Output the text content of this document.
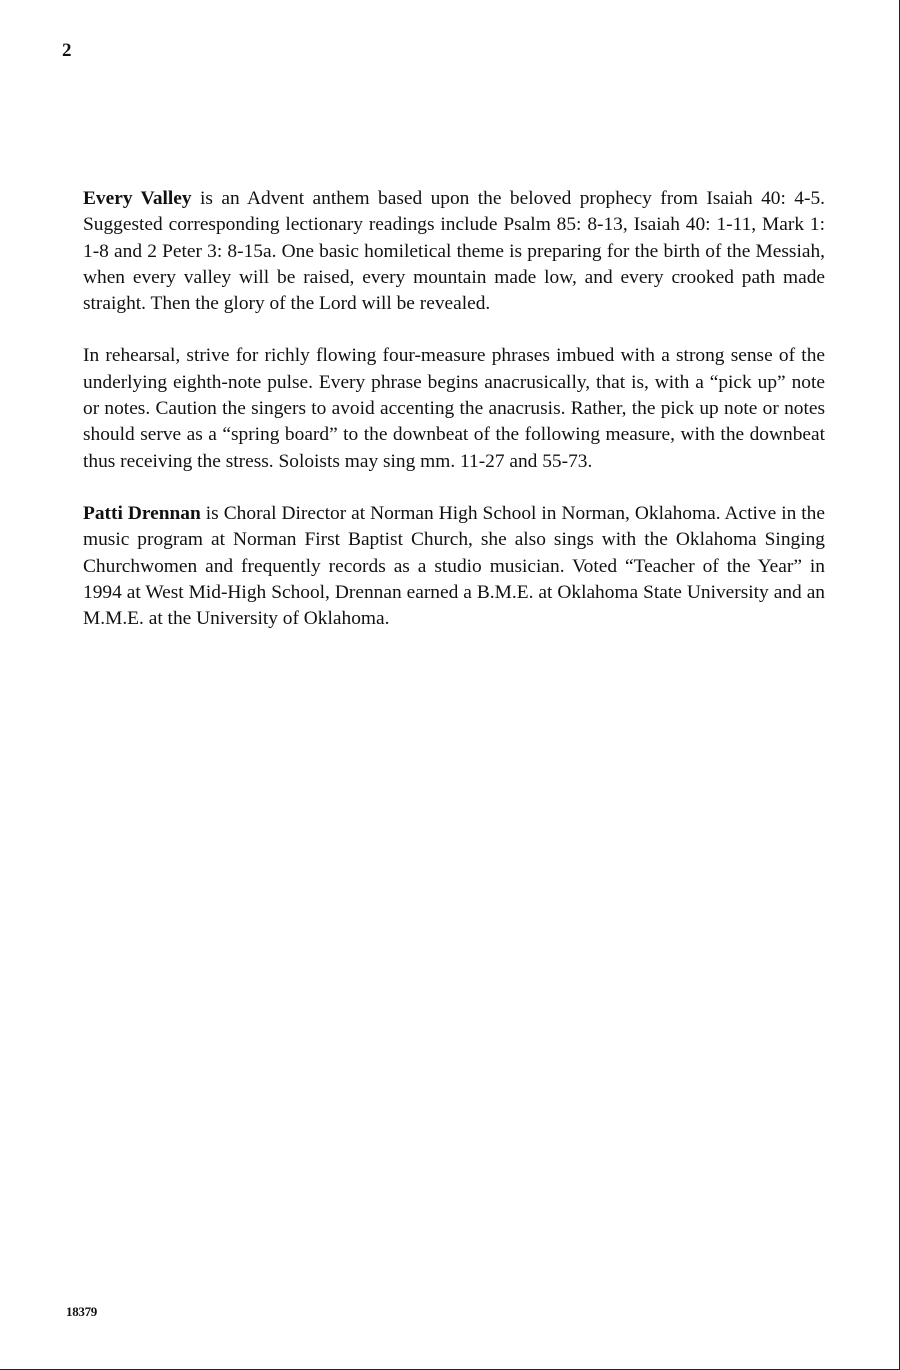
2

Every Valley is an Advent anthem based upon the beloved prophecy from Isaiah 40: 4-5. Suggested corresponding lectionary readings include Psalm 85: 8-13, Isaiah 40: 1-11, Mark 1: 1-8 and 2 Peter 3: 8-15a. One basic homiletical theme is preparing for the birth of the Messiah, when every valley will be raised, every mountain made low, and every crooked path made straight. Then the glory of the Lord will be revealed.

In rehearsal, strive for richly flowing four-measure phrases imbued with a strong sense of the underlying eighth-note pulse. Every phrase begins anacrusically, that is, with a “pick up” note or notes. Caution the singers to avoid accenting the anacrusis. Rather, the pick up note or notes should serve as a “spring board” to the downbeat of the following measure, with the downbeat thus receiving the stress. Soloists may sing mm. 11-27 and 55-73.

Patti Drennan is Choral Director at Norman High School in Norman, Oklahoma. Active in the music program at Norman First Baptist Church, she also sings with the Oklahoma Singing Churchwomen and frequently records as a studio musician. Voted “Teacher of the Year” in 1994 at West Mid-High School, Drennan earned a B.M.E. at Oklahoma State University and an M.M.E. at the University of Oklahoma.

18379
